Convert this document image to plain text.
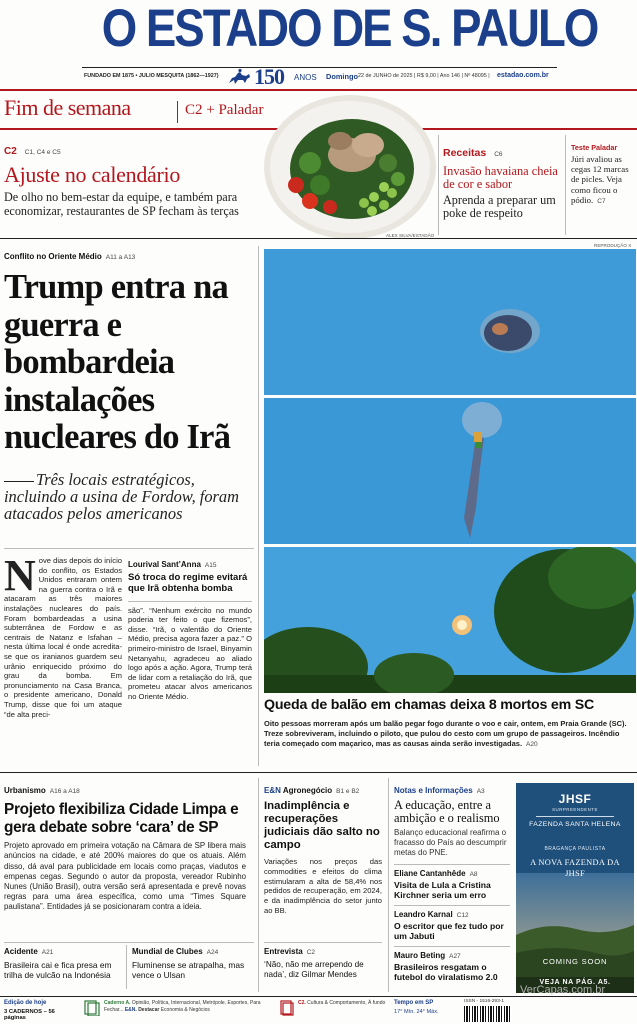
O ESTADO DE S. PAULO
FUNDADO EM 1875 • JULIO MESQUITA (1862—1927) 150 ANOS Domingo 22 de JUNHO de 2025 | R$ 9,00 | Ano 146 | Nº 48095 | estadao.com.br
Fim de semana	C2 + Paladar
C2 C1, C4 e C5
Ajuste no calendário
De olho no bem-estar da equipe, e também para economizar, restaurantes de SP fecham às terças
ALEX SILVA/ESTADÃO
Receitas C6
Invasão havaiana cheia de cor e sabor
Aprenda a preparar um poke de respeito
Teste Paladar
Júri avaliou as cegas 12 marcas de picles. Veja como ficou o pódio. C7
Conflito no Oriente Médio A11 a A13
Trump entra na guerra e bombardeia instalações nucleares do Irã
Três locais estratégicos, incluindo a usina de Fordow, foram atacados pelos americanos
Nove dias depois do início do conflito, os Estados Unidos entraram ontem na guerra contra o Irã e atacaram as três maiores instalações nucleares do país. Foram bombardeadas a usina subterrânea de Fordow e as centrais de Natanz e Isfahan – nesta última local é onde acredita-se que os iranianos guardem seu urânio enriquecido próximo do grau da bomba. Em pronunciamento na Casa Branca, o presidente americano, Donald Trump, disse que foi um ataque “de alta preci-
Lourival Sant’Anna A15
Só troca do regime evitará que Irã obtenha bomba
são”. “Nenhum exército no mundo poderia ter feito o que fizemos”, disse. “Irã, o valentão do Oriente Médio, precisa agora fazer a paz.” O primeiro-ministro de Israel, Binyamin Netanyahu, agradeceu ao aliado logo após a ação. Agora, Trump terá de lidar com a retaliação do Irã, que prometeu atacar alvos americanos no Oriente Médio.
REPRODUÇÃO X
Queda de balão em chamas deixa 8 mortos em SC
Oito pessoas morreram após um balão pegar fogo durante o voo e cair, ontem, em Praia Grande (SC). Treze sobreviveram, incluindo o piloto, que pulou do cesto com um grupo de passageiros. Incêndio teria começado com maçarico, mas as causas ainda serão investigadas. A20
Urbanismo A16 a A18
Projeto flexibiliza Cidade Limpa e gera debate sobre ‘cara’ de SP
Projeto aprovado em primeira votação na Câmara de SP libera mais anúncios na cidade, e até 200% maiores do que os atuais. Além disso, dá aval para publicidade em locais como praças, viadutos e empenas cegas. Segundo o autor da proposta, vereador Rubinho Nunes (União Brasil), outra versão será apresentada e prevê novas regras para uma área específica, como uma “Times Square paulistana”. Entidades já se posicionaram contra a ideia.
Acidente A21
Brasileira cai e fica presa em trilha de vulcão na Indonésia
Mundial de Clubes A24
Fluminense se atrapalha, mas vence o Ulsan
E&N Agronegócio B1 e B2
Inadimplência e recuperações judiciais dão salto no campo
Variações nos preços das commodities e efeitos do clima estimularam a alta de 58,4% nos pedidos de recuperação, em 2024, e da inadimplência do setor junto ao BB.
Entrevista C2
‘Não, não me arrependo de nada’, diz Gilmar Mendes
Notas e Informações A3
A educação, entre a ambição e o realismo
Balanço educacional reafirma o fracasso do País ao descumprir metas do PNE.
Eliane Cantanhêde A8
Visita de Lula a Cristina Kirchner seria um erro
Leandro Karnal C12
O escritor que fez tudo por um Jabuti
Mauro Beting A27
Brasileiros resgatam o futebol do viralatismo 2.0
JHSF
SURPREENDENTE
FAZENDA SANTA HELENA
BRAGANÇA PAULISTA
A NOVA FAZENDA DA JHSF
COMING SOON
VEJA NA PÁG. A5.
Edição de hoje
3 CADERNOS – 56 páginas
Caderno A. Opinião, Política, Internacional, Metrópole, Esportes, Para Fechar... E&N. Destacar Economia & Negócios
C2. Cultura & Comportamento, À fundo	Tempo em SP
17° Mín. 24° Máx.
ISSN - 1516-293-1
VerCapas.com.br
